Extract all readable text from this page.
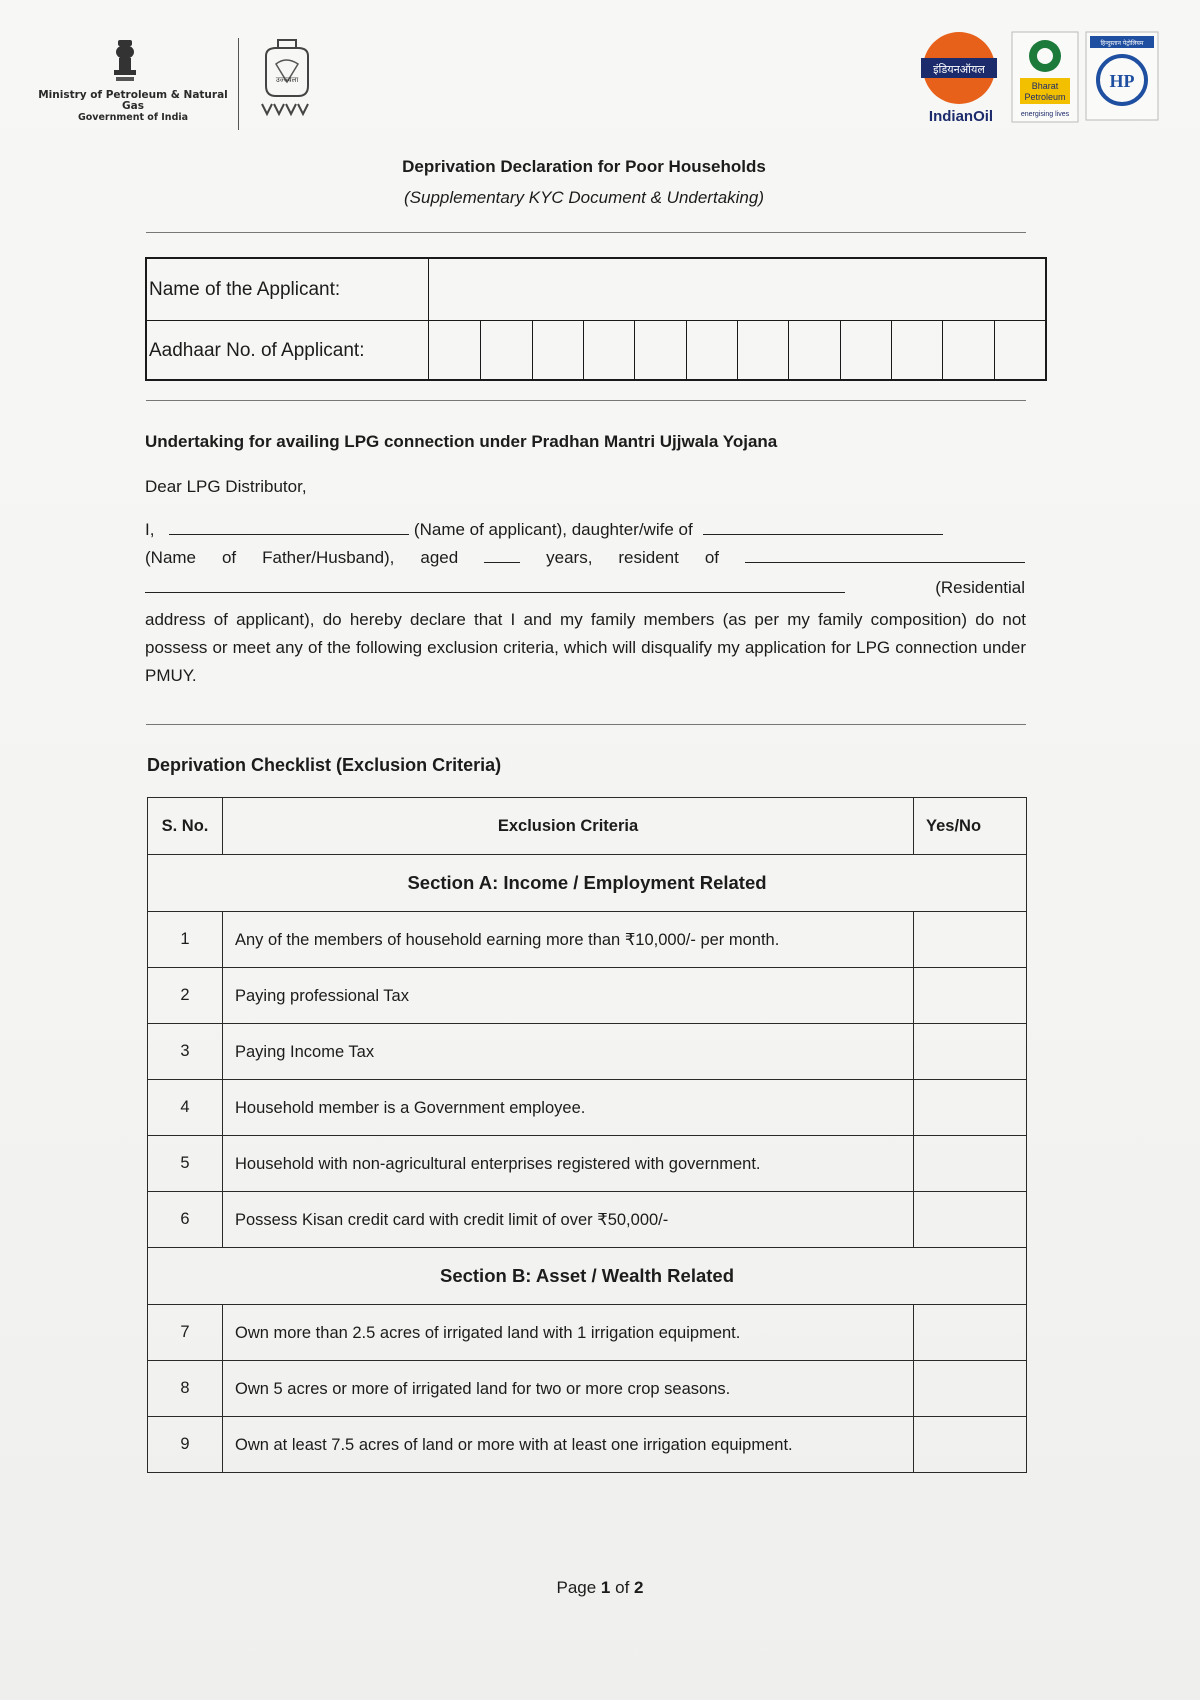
Ministry of Petroleum & Natural Gas
Government of India
उज्ज्वला
इंडियनऑयल
IndianOil
Bharat
Petroleum
energising lives
हिन्दुस्तान पेट्रोलियम
HP
Deprivation Declaration for Poor Households
(Supplementary KYC Document & Undertaking)
Name of the Applicant:
Aadhaar No. of Applicant:
Undertaking for availing LPG connection under Pradhan Mantri Ujjwala Yojana
Dear LPG Distributor,
I,	(Name of applicant), daughter/wife of
(Name of Father/Husband), aged	years, resident of
(Residential
address of applicant), do hereby declare that I and my family members (as per my family composition) do not possess or meet any of the following exclusion criteria, which will disqualify my application for LPG connection under PMUY.
Deprivation Checklist (Exclusion Criteria)
S. No.	Exclusion Criteria	Yes/No
Section A: Income / Employment Related		
1	Any of the members of household earning more than ₹10,000/- per month.	
2	Paying professional Tax	
3	Paying Income Tax	
4	Household member is a Government employee.	
5	Household with non-agricultural enterprises registered with government.	
6	Possess Kisan credit card with credit limit of over ₹50,000/-	
Section B: Asset / Wealth Related		
7	Own more than 2.5 acres of irrigated land with 1 irrigation equipment.	
8	Own 5 acres or more of irrigated land for two or more crop seasons.	
9	Own at least 7.5 acres of land or more with at least one irrigation equipment.	
Page 1 of 2
